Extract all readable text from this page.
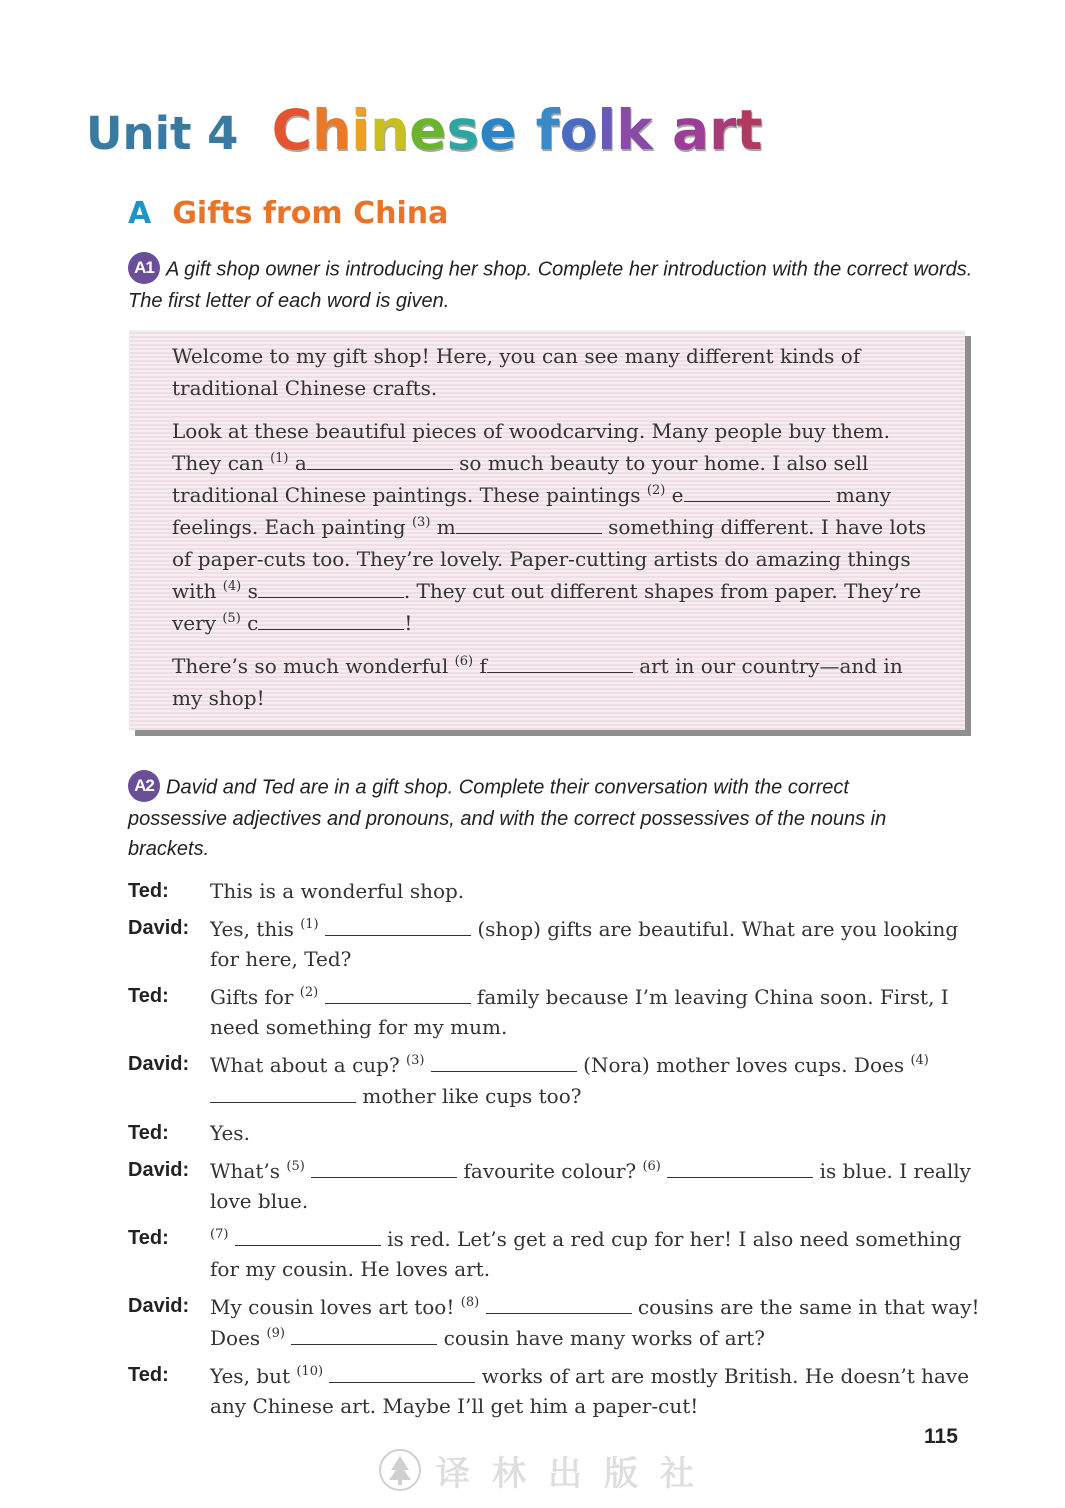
Unit 4 Chinese folk art
A Gifts from China
A1 A gift shop owner is introducing her shop. Complete her introduction with the correct words. The first letter of each word is given.

Welcome to my gift shop! Here, you can see many different kinds of traditional Chinese crafts.

Look at these beautiful pieces of woodcarving. Many people buy them. They can $^{(1)}$ a	so much beauty to your home. I also sell traditional Chinese paintings. These paintings $^{(2)}$ e	many feelings. Each painting $^{(3)}$ m	something different. I have lots of paper-cuts too. They’re lovely. Paper-cutting artists do amazing things with $^{(4)}$ s	. They cut out different shapes from paper. They’re very $^{(5)}$ c	!

There’s so much wonderful $^{(6)}$ f	art in our country—and in my shop!

A2 David and Ted are in a gift shop. Complete their conversation with the correct possessive adjectives and pronouns, and with the correct possessives of the nouns in brackets.
Ted:	This is a wonderful shop.
David:	Yes, this $^{(1)}$	(shop) gifts are beautiful. What are you looking for here, Ted?
Ted:	Gifts for $^{(2)}$	family because I’m leaving China soon. First, I need something for my mum.
David:	What about a cup? $^{(3)}$	(Nora) mother loves cups. Does $^{(4)}$  mother like cups too?
Ted:	Yes.
David:	What’s $^{(5)}$	favourite colour? $^{(6)}$	is blue. I really love blue.
Ted:	$^{(7)}$	is red. Let’s get a red cup for her! I also need something for my cousin. He loves art.
David:	My cousin loves art too! $^{(8)}$	cousins are the same in that way! Does $^{(9)}$	cousin have many works of art?
Ted:	Yes, but $^{(10)}$	works of art are mostly British. He doesn’t have any Chinese art. Maybe I’ll get him a paper-cut!
115
译林出版社
